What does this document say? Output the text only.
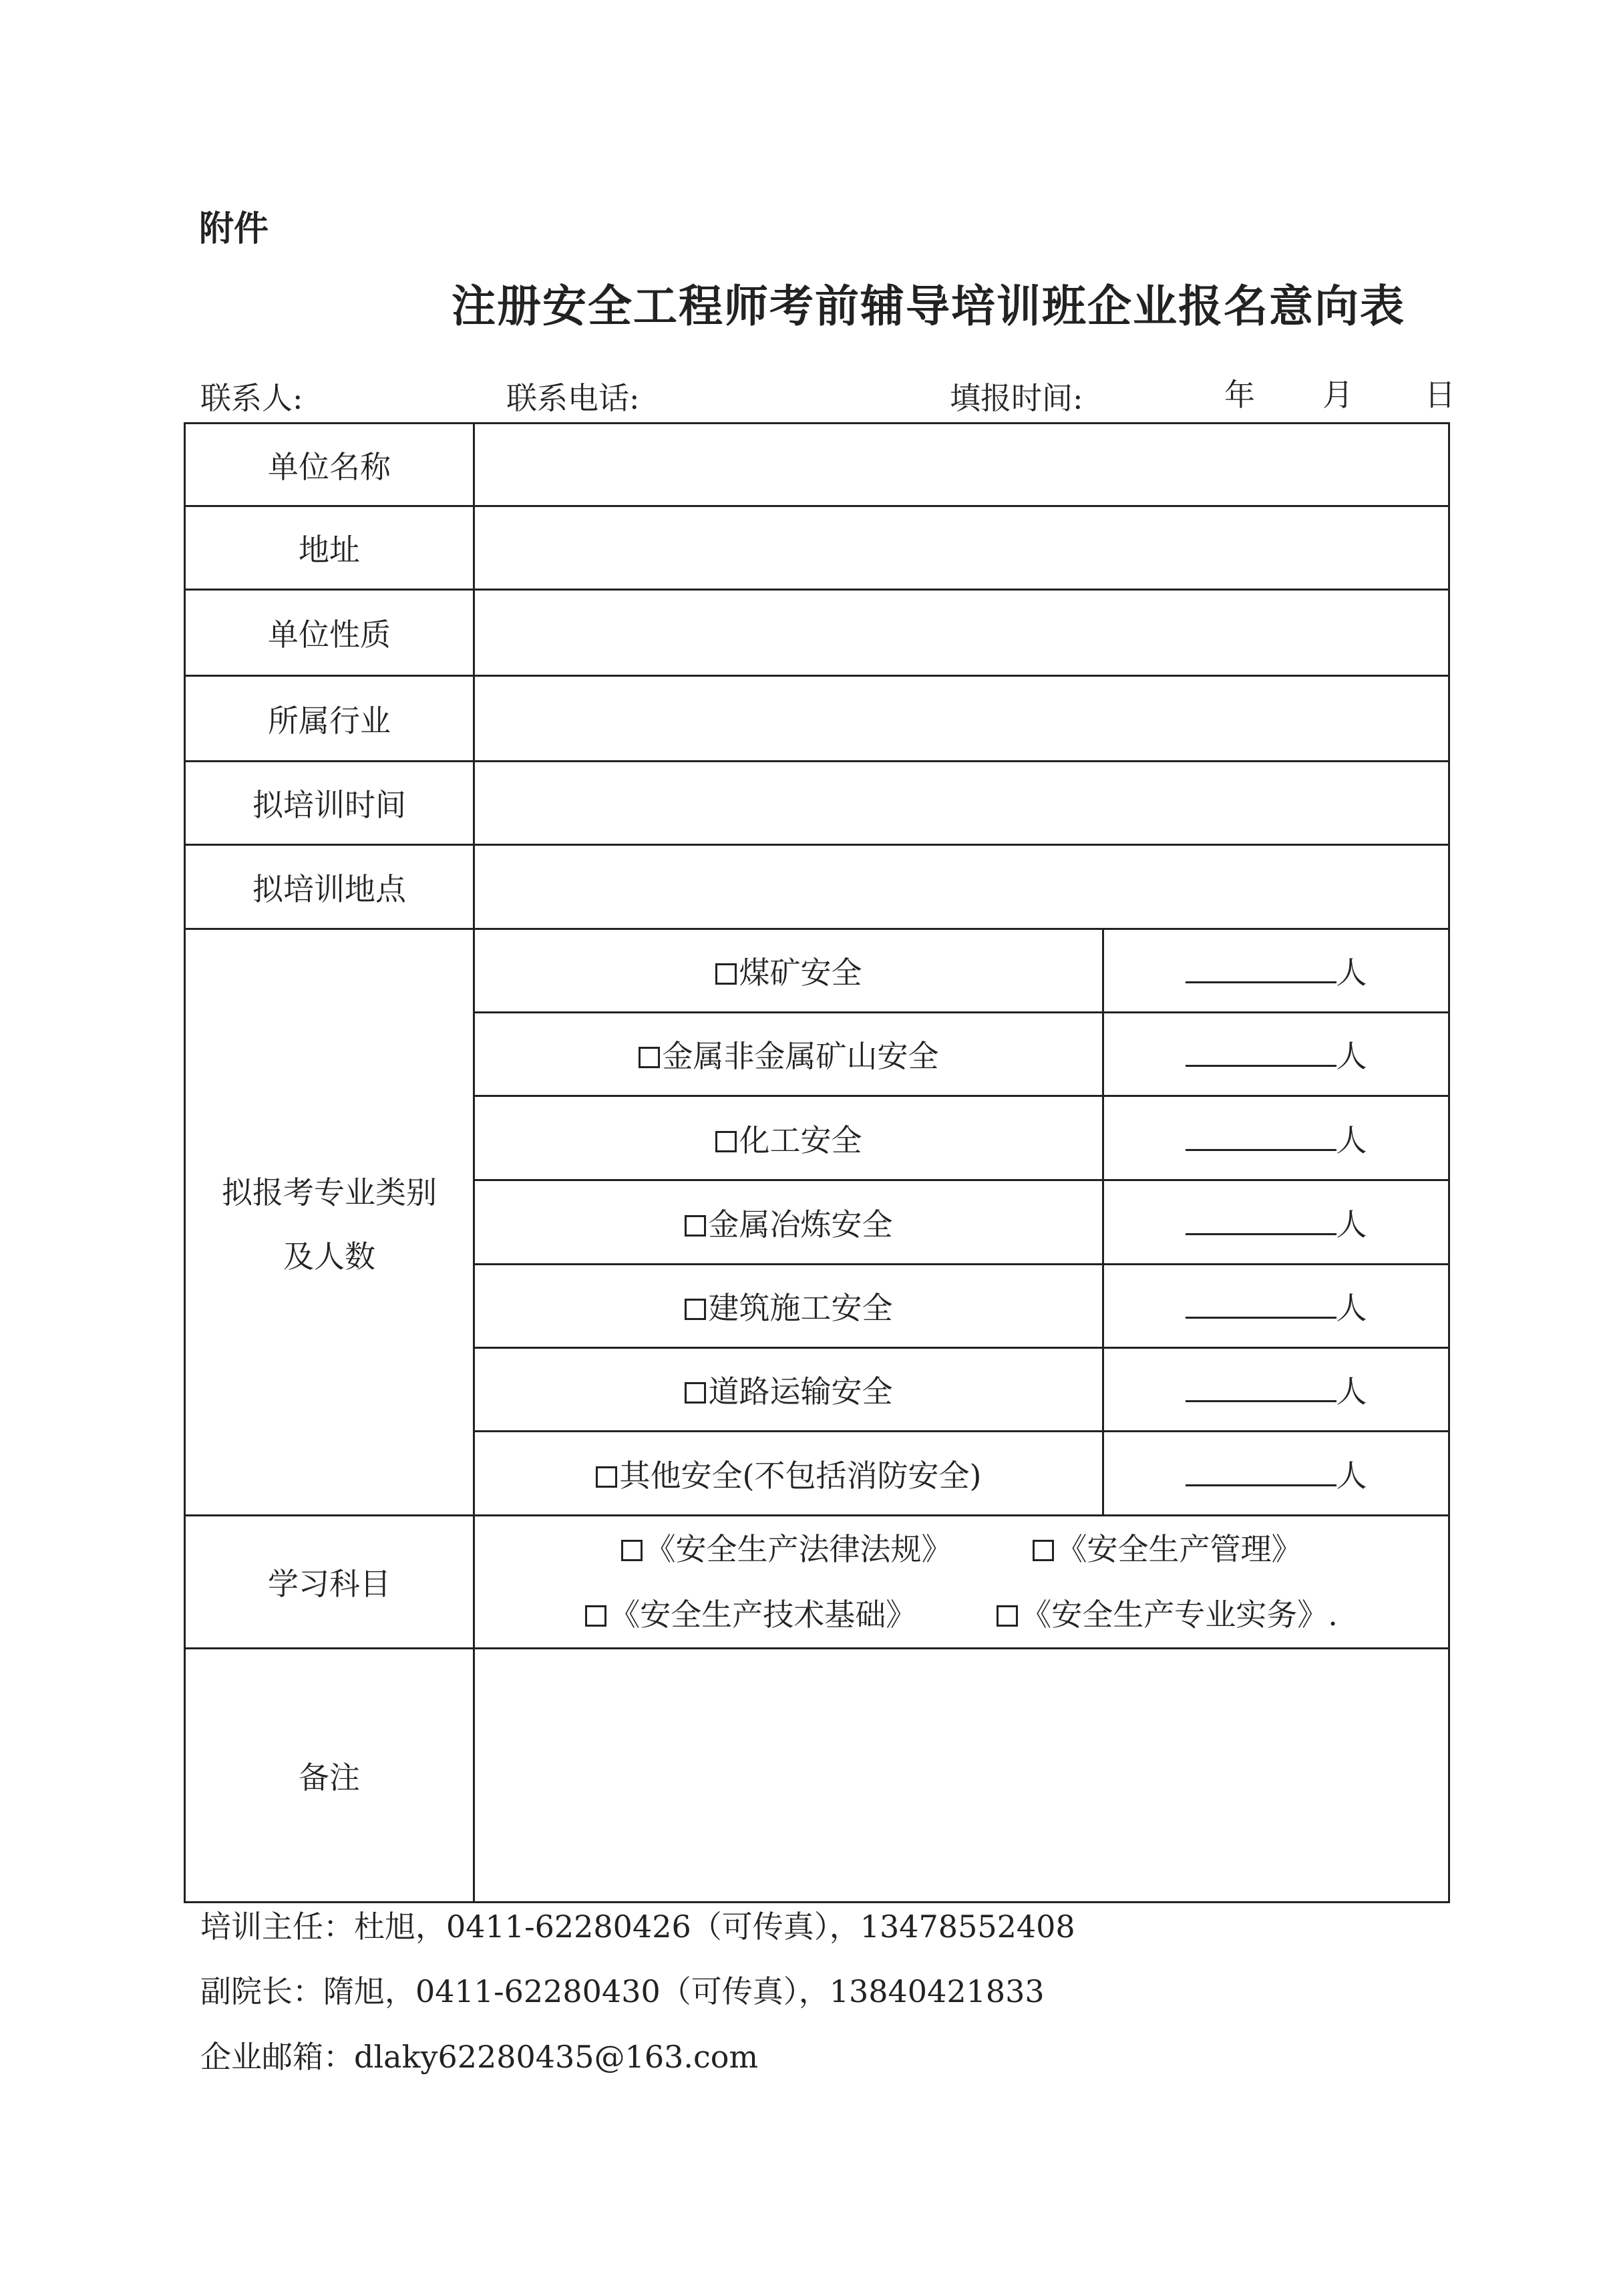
附件
注册安全工程师考前辅导培训班企业报名意向表
联系人:	联系电话:	填报时间:	年 月 日
单位名称		
地址		
单位性质		
所属行业		
拟培训时间		
拟培训地点		

拟报考专业类别
及人数	煤矿安全	人
	金属非金属矿山安全	人
	化工安全	人
	金属冶炼安全	人
	建筑施工安全	人
	道路运输安全	人
	其他安全(不包括消防安全)	人
学习科目	《安全生产法律法规》 《安全生产管理》
《安全生产技术基础》 《安全生产专业实务》.	

备注		
培训主任：杜旭，0411-62280426（可传真），13478552408
副院长：隋旭，0411-62280430（可传真），13840421833
企业邮箱：dlaky62280435@163.com
